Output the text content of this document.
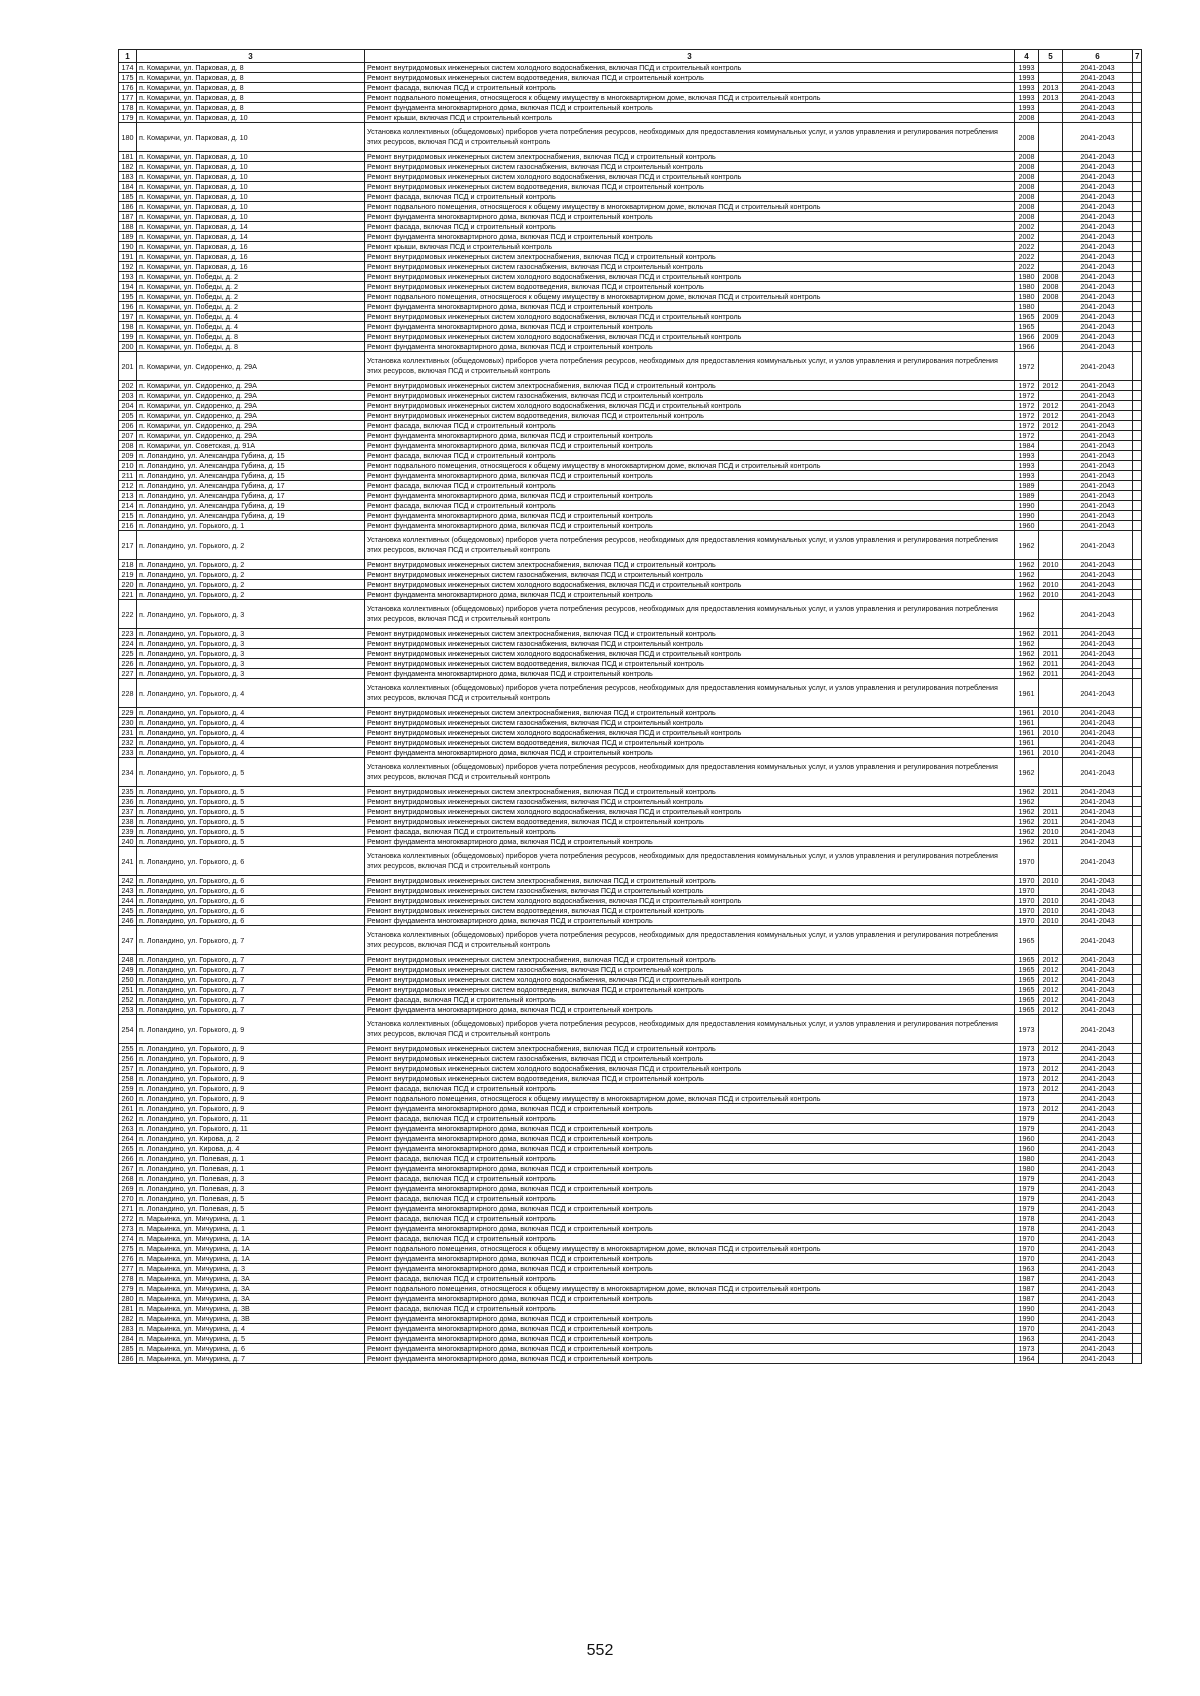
1	3	3	4	5	6	7
174	п. Комаричи, ул. Парковая, д. 8	Ремонт внутридомовых инженерных систем холодного водоснабжения, включая ПСД и строительный контроль	1993		2041-2043	
175	п. Комаричи, ул. Парковая, д. 8	Ремонт внутридомовых инженерных систем водоотведения, включая ПСД и строительный контроль	1993		2041-2043	
176	п. Комаричи, ул. Парковая, д. 8	Ремонт фасада, включая ПСД и строительный контроль	1993	2013	2041-2043	
177	п. Комаричи, ул. Парковая, д. 8	Ремонт подвального помещения, относящегося к общему имуществу в многоквартирном доме, включая ПСД и строительный контроль	1993	2013	2041-2043	
178	п. Комаричи, ул. Парковая, д. 8	Ремонт фундамента многоквартирного дома, включая ПСД и строительный контроль	1993		2041-2043	
179	п. Комаричи, ул. Парковая, д. 10	Ремонт крыши, включая ПСД и строительный контроль	2008		2041-2043	
180	п. Комаричи, ул. Парковая, д. 10	Установка коллективных (общедомовых) приборов учета потребления ресурсов, необходимых для предоставления коммунальных услуг, и узлов управления и регулирования потребления этих ресурсов, включая ПСД и строительный контроль	2008		2041-2043	
181	п. Комаричи, ул. Парковая, д. 10	Ремонт внутридомовых инженерных систем электроснабжения, включая ПСД и строительный контроль	2008		2041-2043	
182	п. Комаричи, ул. Парковая, д. 10	Ремонт внутридомовых инженерных систем газоснабжения, включая ПСД и строительный контроль	2008		2041-2043	
183	п. Комаричи, ул. Парковая, д. 10	Ремонт внутридомовых инженерных систем холодного водоснабжения, включая ПСД и строительный контроль	2008		2041-2043	
184	п. Комаричи, ул. Парковая, д. 10	Ремонт внутридомовых инженерных систем водоотведения, включая ПСД и строительный контроль	2008		2041-2043	
185	п. Комаричи, ул. Парковая, д. 10	Ремонт фасада, включая ПСД и строительный контроль	2008		2041-2043	
186	п. Комаричи, ул. Парковая, д. 10	Ремонт подвального помещения, относящегося к общему имуществу в многоквартирном доме, включая ПСД и строительный контроль	2008		2041-2043	
187	п. Комаричи, ул. Парковая, д. 10	Ремонт фундамента многоквартирного дома, включая ПСД и строительный контроль	2008		2041-2043	
188	п. Комаричи, ул. Парковая, д. 14	Ремонт фасада, включая ПСД и строительный контроль	2002		2041-2043	
189	п. Комаричи, ул. Парковая, д. 14	Ремонт фундамента многоквартирного дома, включая ПСД и строительный контроль	2002		2041-2043	
190	п. Комаричи, ул. Парковая, д. 16	Ремонт крыши, включая ПСД и строительный контроль	2022		2041-2043	
191	п. Комаричи, ул. Парковая, д. 16	Ремонт внутридомовых инженерных систем электроснабжения, включая ПСД и строительный контроль	2022		2041-2043	
192	п. Комаричи, ул. Парковая, д. 16	Ремонт внутридомовых инженерных систем газоснабжения, включая ПСД и строительный контроль	2022		2041-2043	
193	п. Комаричи, ул. Победы, д. 2	Ремонт внутридомовых инженерных систем холодного водоснабжения, включая ПСД и строительный контроль	1980	2008	2041-2043	
194	п. Комаричи, ул. Победы, д. 2	Ремонт внутридомовых инженерных систем водоотведения, включая ПСД и строительный контроль	1980	2008	2041-2043	
195	п. Комаричи, ул. Победы, д. 2	Ремонт подвального помещения, относящегося к общему имуществу в многоквартирном доме, включая ПСД и строительный контроль	1980	2008	2041-2043	
196	п. Комаричи, ул. Победы, д. 2	Ремонт фундамента многоквартирного дома, включая ПСД и строительный контроль	1980		2041-2043	
197	п. Комаричи, ул. Победы, д. 4	Ремонт внутридомовых инженерных систем холодного водоснабжения, включая ПСД и строительный контроль	1965	2009	2041-2043	
198	п. Комаричи, ул. Победы, д. 4	Ремонт фундамента многоквартирного дома, включая ПСД и строительный контроль	1965		2041-2043	
199	п. Комаричи, ул. Победы, д. 8	Ремонт внутридомовых инженерных систем холодного водоснабжения, включая ПСД и строительный контроль	1966	2009	2041-2043	
200	п. Комаричи, ул. Победы, д. 8	Ремонт фундамента многоквартирного дома, включая ПСД и строительный контроль	1966		2041-2043	
201	п. Комаричи, ул. Сидоренко, д. 29А	Установка коллективных (общедомовых) приборов учета потребления ресурсов, необходимых для предоставления коммунальных услуг, и узлов управления и регулирования потребления этих ресурсов, включая ПСД и строительный контроль	1972		2041-2043	
202	п. Комаричи, ул. Сидоренко, д. 29А	Ремонт внутридомовых инженерных систем электроснабжения, включая ПСД и строительный контроль	1972	2012	2041-2043	
203	п. Комаричи, ул. Сидоренко, д. 29А	Ремонт внутридомовых инженерных систем газоснабжения, включая ПСД и строительный контроль	1972		2041-2043	
204	п. Комаричи, ул. Сидоренко, д. 29А	Ремонт внутридомовых инженерных систем холодного водоснабжения, включая ПСД и строительный контроль	1972	2012	2041-2043	
205	п. Комаричи, ул. Сидоренко, д. 29А	Ремонт внутридомовых инженерных систем водоотведения, включая ПСД и строительный контроль	1972	2012	2041-2043	
206	п. Комаричи, ул. Сидоренко, д. 29А	Ремонт фасада, включая ПСД и строительный контроль	1972	2012	2041-2043	
207	п. Комаричи, ул. Сидоренко, д. 29А	Ремонт фундамента многоквартирного дома, включая ПСД и строительный контроль	1972		2041-2043	
208	п. Комаричи, ул. Советская, д. 91А	Ремонт фундамента многоквартирного дома, включая ПСД и строительный контроль	1984		2041-2043	
209	п. Лопандино, ул. Александра Губина, д. 15	Ремонт фасада, включая ПСД и строительный контроль	1993		2041-2043	
210	п. Лопандино, ул. Александра Губина, д. 15	Ремонт подвального помещения, относящегося к общему имуществу в многоквартирном доме, включая ПСД и строительный контроль	1993		2041-2043	
211	п. Лопандино, ул. Александра Губина, д. 15	Ремонт фундамента многоквартирного дома, включая ПСД и строительный контроль	1993		2041-2043	
212	п. Лопандино, ул. Александра Губина, д. 17	Ремонт фасада, включая ПСД и строительный контроль	1989		2041-2043	
213	п. Лопандино, ул. Александра Губина, д. 17	Ремонт фундамента многоквартирного дома, включая ПСД и строительный контроль	1989		2041-2043	
214	п. Лопандино, ул. Александра Губина, д. 19	Ремонт фасада, включая ПСД и строительный контроль	1990		2041-2043	
215	п. Лопандино, ул. Александра Губина, д. 19	Ремонт фундамента многоквартирного дома, включая ПСД и строительный контроль	1990		2041-2043	
216	п. Лопандино, ул. Горького, д. 1	Ремонт фундамента многоквартирного дома, включая ПСД и строительный контроль	1960		2041-2043	
217	п. Лопандино, ул. Горького, д. 2	Установка коллективных (общедомовых) приборов учета потребления ресурсов, необходимых для предоставления коммунальных услуг, и узлов управления и регулирования потребления этих ресурсов, включая ПСД и строительный контроль	1962		2041-2043	
218	п. Лопандино, ул. Горького, д. 2	Ремонт внутридомовых инженерных систем электроснабжения, включая ПСД и строительный контроль	1962	2010	2041-2043	
219	п. Лопандино, ул. Горького, д. 2	Ремонт внутридомовых инженерных систем газоснабжения, включая ПСД и строительный контроль	1962		2041-2043	
220	п. Лопандино, ул. Горького, д. 2	Ремонт внутридомовых инженерных систем холодного водоснабжения, включая ПСД и строительный контроль	1962	2010	2041-2043	
221	п. Лопандино, ул. Горького, д. 2	Ремонт фундамента многоквартирного дома, включая ПСД и строительный контроль	1962	2010	2041-2043	
222	п. Лопандино, ул. Горького, д. 3	Установка коллективных (общедомовых) приборов учета потребления ресурсов, необходимых для предоставления коммунальных услуг, и узлов управления и регулирования потребления этих ресурсов, включая ПСД и строительный контроль	1962		2041-2043	
223	п. Лопандино, ул. Горького, д. 3	Ремонт внутридомовых инженерных систем электроснабжения, включая ПСД и строительный контроль	1962	2011	2041-2043	
224	п. Лопандино, ул. Горького, д. 3	Ремонт внутридомовых инженерных систем газоснабжения, включая ПСД и строительный контроль	1962		2041-2043	
225	п. Лопандино, ул. Горького, д. 3	Ремонт внутридомовых инженерных систем холодного водоснабжения, включая ПСД и строительный контроль	1962	2011	2041-2043	
226	п. Лопандино, ул. Горького, д. 3	Ремонт внутридомовых инженерных систем водоотведения, включая ПСД и строительный контроль	1962	2011	2041-2043	
227	п. Лопандино, ул. Горького, д. 3	Ремонт фундамента многоквартирного дома, включая ПСД и строительный контроль	1962	2011	2041-2043	
228	п. Лопандино, ул. Горького, д. 4	Установка коллективных (общедомовых) приборов учета потребления ресурсов, необходимых для предоставления коммунальных услуг, и узлов управления и регулирования потребления этих ресурсов, включая ПСД и строительный контроль	1961		2041-2043	
229	п. Лопандино, ул. Горького, д. 4	Ремонт внутридомовых инженерных систем электроснабжения, включая ПСД и строительный контроль	1961	2010	2041-2043	
230	п. Лопандино, ул. Горького, д. 4	Ремонт внутридомовых инженерных систем газоснабжения, включая ПСД и строительный контроль	1961		2041-2043	
231	п. Лопандино, ул. Горького, д. 4	Ремонт внутридомовых инженерных систем холодного водоснабжения, включая ПСД и строительный контроль	1961	2010	2041-2043	
232	п. Лопандино, ул. Горького, д. 4	Ремонт внутридомовых инженерных систем водоотведения, включая ПСД и строительный контроль	1961		2041-2043	
233	п. Лопандино, ул. Горького, д. 4	Ремонт фундамента многоквартирного дома, включая ПСД и строительный контроль	1961	2010	2041-2043	
234	п. Лопандино, ул. Горького, д. 5	Установка коллективных (общедомовых) приборов учета потребления ресурсов, необходимых для предоставления коммунальных услуг, и узлов управления и регулирования потребления этих ресурсов, включая ПСД и строительный контроль	1962		2041-2043	
235	п. Лопандино, ул. Горького, д. 5	Ремонт внутридомовых инженерных систем электроснабжения, включая ПСД и строительный контроль	1962	2011	2041-2043	
236	п. Лопандино, ул. Горького, д. 5	Ремонт внутридомовых инженерных систем газоснабжения, включая ПСД и строительный контроль	1962		2041-2043	
237	п. Лопандино, ул. Горького, д. 5	Ремонт внутридомовых инженерных систем холодного водоснабжения, включая ПСД и строительный контроль	1962	2011	2041-2043	
238	п. Лопандино, ул. Горького, д. 5	Ремонт внутридомовых инженерных систем водоотведения, включая ПСД и строительный контроль	1962	2011	2041-2043	
239	п. Лопандино, ул. Горького, д. 5	Ремонт фасада, включая ПСД и строительный контроль	1962	2010	2041-2043	
240	п. Лопандино, ул. Горького, д. 5	Ремонт фундамента многоквартирного дома, включая ПСД и строительный контроль	1962	2011	2041-2043	
241	п. Лопандино, ул. Горького, д. 6	Установка коллективных (общедомовых) приборов учета потребления ресурсов, необходимых для предоставления коммунальных услуг, и узлов управления и регулирования потребления этих ресурсов, включая ПСД и строительный контроль	1970		2041-2043	
242	п. Лопандино, ул. Горького, д. 6	Ремонт внутридомовых инженерных систем электроснабжения, включая ПСД и строительный контроль	1970	2010	2041-2043	
243	п. Лопандино, ул. Горького, д. 6	Ремонт внутридомовых инженерных систем газоснабжения, включая ПСД и строительный контроль	1970		2041-2043	
244	п. Лопандино, ул. Горького, д. 6	Ремонт внутридомовых инженерных систем холодного водоснабжения, включая ПСД и строительный контроль	1970	2010	2041-2043	
245	п. Лопандино, ул. Горького, д. 6	Ремонт внутридомовых инженерных систем водоотведения, включая ПСД и строительный контроль	1970	2010	2041-2043	
246	п. Лопандино, ул. Горького, д. 6	Ремонт фундамента многоквартирного дома, включая ПСД и строительный контроль	1970	2010	2041-2043	
247	п. Лопандино, ул. Горького, д. 7	Установка коллективных (общедомовых) приборов учета потребления ресурсов, необходимых для предоставления коммунальных услуг, и узлов управления и регулирования потребления этих ресурсов, включая ПСД и строительный контроль	1965		2041-2043	
248	п. Лопандино, ул. Горького, д. 7	Ремонт внутридомовых инженерных систем электроснабжения, включая ПСД и строительный контроль	1965	2012	2041-2043	
249	п. Лопандино, ул. Горького, д. 7	Ремонт внутридомовых инженерных систем газоснабжения, включая ПСД и строительный контроль	1965	2012	2041-2043	
250	п. Лопандино, ул. Горького, д. 7	Ремонт внутридомовых инженерных систем холодного водоснабжения, включая ПСД и строительный контроль	1965	2012	2041-2043	
251	п. Лопандино, ул. Горького, д. 7	Ремонт внутридомовых инженерных систем водоотведения, включая ПСД и строительный контроль	1965	2012	2041-2043	
252	п. Лопандино, ул. Горького, д. 7	Ремонт фасада, включая ПСД и строительный контроль	1965	2012	2041-2043	
253	п. Лопандино, ул. Горького, д. 7	Ремонт фундамента многоквартирного дома, включая ПСД и строительный контроль	1965	2012	2041-2043	
254	п. Лопандино, ул. Горького, д. 9	Установка коллективных (общедомовых) приборов учета потребления ресурсов, необходимых для предоставления коммунальных услуг, и узлов управления и регулирования потребления этих ресурсов, включая ПСД и строительный контроль	1973		2041-2043	
255	п. Лопандино, ул. Горького, д. 9	Ремонт внутридомовых инженерных систем электроснабжения, включая ПСД и строительный контроль	1973	2012	2041-2043	
256	п. Лопандино, ул. Горького, д. 9	Ремонт внутридомовых инженерных систем газоснабжения, включая ПСД и строительный контроль	1973		2041-2043	
257	п. Лопандино, ул. Горького, д. 9	Ремонт внутридомовых инженерных систем холодного водоснабжения, включая ПСД и строительный контроль	1973	2012	2041-2043	
258	п. Лопандино, ул. Горького, д. 9	Ремонт внутридомовых инженерных систем водоотведения, включая ПСД и строительный контроль	1973	2012	2041-2043	
259	п. Лопандино, ул. Горького, д. 9	Ремонт фасада, включая ПСД и строительный контроль	1973	2012	2041-2043	
260	п. Лопандино, ул. Горького, д. 9	Ремонт подвального помещения, относящегося к общему имуществу в многоквартирном доме, включая ПСД и строительный контроль	1973		2041-2043	
261	п. Лопандино, ул. Горького, д. 9	Ремонт фундамента многоквартирного дома, включая ПСД и строительный контроль	1973	2012	2041-2043	
262	п. Лопандино, ул. Горького, д. 11	Ремонт фасада, включая ПСД и строительный контроль	1979		2041-2043	
263	п. Лопандино, ул. Горького, д. 11	Ремонт фундамента многоквартирного дома, включая ПСД и строительный контроль	1979		2041-2043	
264	п. Лопандино, ул. Кирова, д. 2	Ремонт фундамента многоквартирного дома, включая ПСД и строительный контроль	1960		2041-2043	
265	п. Лопандино, ул. Кирова, д. 4	Ремонт фундамента многоквартирного дома, включая ПСД и строительный контроль	1960		2041-2043	
266	п. Лопандино, ул. Полевая, д. 1	Ремонт фасада, включая ПСД и строительный контроль	1980		2041-2043	
267	п. Лопандино, ул. Полевая, д. 1	Ремонт фундамента многоквартирного дома, включая ПСД и строительный контроль	1980		2041-2043	
268	п. Лопандино, ул. Полевая, д. 3	Ремонт фасада, включая ПСД и строительный контроль	1979		2041-2043	
269	п. Лопандино, ул. Полевая, д. 3	Ремонт фундамента многоквартирного дома, включая ПСД и строительный контроль	1979		2041-2043	
270	п. Лопандино, ул. Полевая, д. 5	Ремонт фасада, включая ПСД и строительный контроль	1979		2041-2043	
271	п. Лопандино, ул. Полевая, д. 5	Ремонт фундамента многоквартирного дома, включая ПСД и строительный контроль	1979		2041-2043	
272	п. Марьинка, ул. Мичурина, д. 1	Ремонт фасада, включая ПСД и строительный контроль	1978		2041-2043	
273	п. Марьинка, ул. Мичурина, д. 1	Ремонт фундамента многоквартирного дома, включая ПСД и строительный контроль	1978		2041-2043	
274	п. Марьинка, ул. Мичурина, д. 1А	Ремонт фасада, включая ПСД и строительный контроль	1970		2041-2043	
275	п. Марьинка, ул. Мичурина, д. 1А	Ремонт подвального помещения, относящегося к общему имуществу в многоквартирном доме, включая ПСД и строительный контроль	1970		2041-2043	
276	п. Марьинка, ул. Мичурина, д. 1А	Ремонт фундамента многоквартирного дома, включая ПСД и строительный контроль	1970		2041-2043	
277	п. Марьинка, ул. Мичурина, д. 3	Ремонт фундамента многоквартирного дома, включая ПСД и строительный контроль	1963		2041-2043	
278	п. Марьинка, ул. Мичурина, д. 3А	Ремонт фасада, включая ПСД и строительный контроль	1987		2041-2043	
279	п. Марьинка, ул. Мичурина, д. 3А	Ремонт подвального помещения, относящегося к общему имуществу в многоквартирном доме, включая ПСД и строительный контроль	1987		2041-2043	
280	п. Марьинка, ул. Мичурина, д. 3А	Ремонт фундамента многоквартирного дома, включая ПСД и строительный контроль	1987		2041-2043	
281	п. Марьинка, ул. Мичурина, д. 3В	Ремонт фасада, включая ПСД и строительный контроль	1990		2041-2043	
282	п. Марьинка, ул. Мичурина, д. 3В	Ремонт фундамента многоквартирного дома, включая ПСД и строительный контроль	1990		2041-2043	
283	п. Марьинка, ул. Мичурина, д. 4	Ремонт фундамента многоквартирного дома, включая ПСД и строительный контроль	1970		2041-2043	
284	п. Марьинка, ул. Мичурина, д. 5	Ремонт фундамента многоквартирного дома, включая ПСД и строительный контроль	1963		2041-2043	
285	п. Марьинка, ул. Мичурина, д. 6	Ремонт фундамента многоквартирного дома, включая ПСД и строительный контроль	1973		2041-2043	
286	п. Марьинка, ул. Мичурина, д. 7	Ремонт фундамента многоквартирного дома, включая ПСД и строительный контроль	1964		2041-2043	
552
